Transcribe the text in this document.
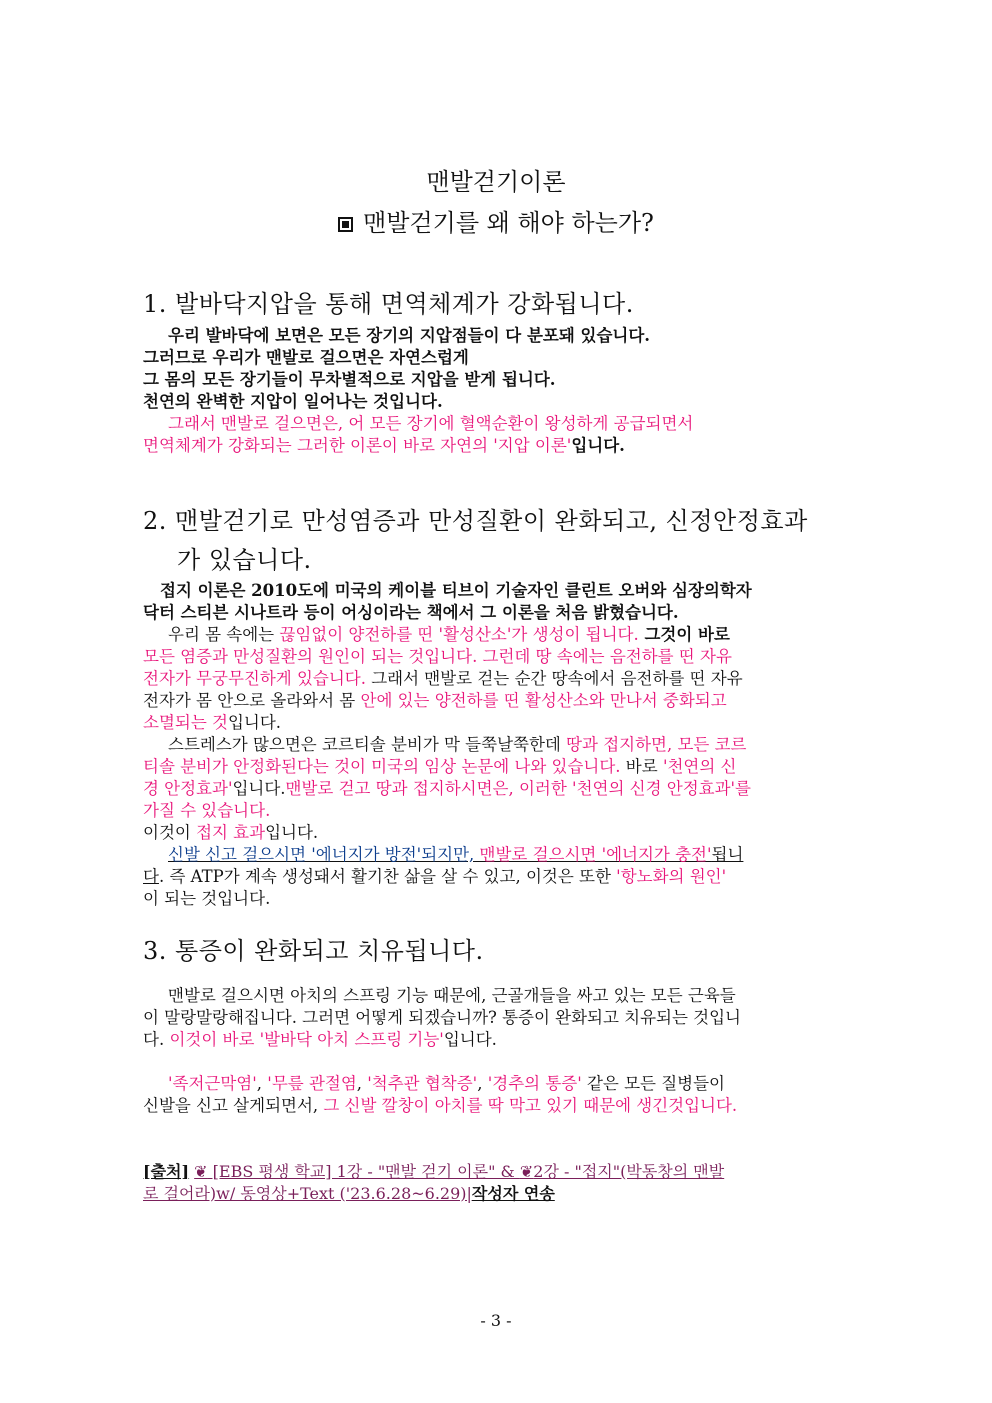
맨발걷기이론
맨발걷기를 왜 해야 하는가?
1. 발바닥지압을 통해 면역체계가 강화됩니다.
우리 발바닥에 보면은 모든 장기의 지압점들이 다 분포돼 있습니다.
그러므로 우리가 맨발로 걸으면은 자연스럽게
그 몸의 모든 장기들이 무차별적으로 지압을 받게 됩니다.
천연의 완벽한 지압이 일어나는 것입니다.
그래서 맨발로 걸으면은, 어 모든 장기에 혈액순환이 왕성하게 공급되면서
면역체계가 강화되는 그러한 이론이 바로 자연의 '지압 이론'입니다.
2. 맨발걷기로 만성염증과 만성질환이 완화되고, 신정안정효과
가 있습니다.
접지 이론은 2010도에 미국의 케이블 티브이 기술자인 클린트 오버와 심장의학자
닥터 스티븐 시나트라 등이 어싱이라는 책에서 그 이론을 처음 밝혔습니다.
우리 몸 속에는 끊임없이 양전하를 띤 '활성산소'가 생성이 됩니다. 그것이 바로
모든 염증과 만성질환의 원인이 되는 것입니다. 그런데 땅 속에는 음전하를 띤 자유
전자가 무궁무진하게 있습니다. 그래서 맨발로 걷는 순간 땅속에서 음전하를 띤 자유
전자가 몸 안으로 올라와서 몸 안에 있는 양전하를 띤 활성산소와 만나서 중화되고
소멸되는 것입니다.
스트레스가 많으면은 코르티솔 분비가 막 들쭉날쭉한데 땅과 접지하면, 모든 코르
티솔 분비가 안정화된다는 것이 미국의 임상 논문에 나와 있습니다. 바로 '천연의 신
경 안정효과'입니다.맨발로 걷고 땅과 접지하시면은, 이러한 '천연의 신경 안정효과'를
가질 수 있습니다.
이것이 접지 효과입니다.
신발 신고 걸으시면 '에너지가 방전'되지만, 맨발로 걸으시면 '에너지가 충전'됩니
다. 즉 ATP가 계속 생성돼서 활기찬 삶을 살 수 있고, 이것은 또한 '항노화의 원인'
이 되는 것입니다.
3. 통증이 완화되고 치유됩니다.
맨발로 걸으시면 아치의 스프링 기능 때문에, 근골개들을 싸고 있는 모든 근육들
이 말랑말랑해집니다. 그러면 어떻게 되겠습니까? 통증이 완화되고 치유되는 것입니
다. 이것이 바로 '발바닥 아치 스프링 기능'입니다.
'족저근막염', '무릎 관절염, '척추관 협착증', '경추의 통증' 같은 모든 질병들이
신발을 신고 살게되면서, 그 신발 깔창이 아치를 딱 막고 있기 때문에 생긴것입니다.
[출처] ❦ [EBS 평생 학교] 1강 - "맨발 걷기 이론" & ❦2강 - "접지"(박동창의 맨발
로 걸어라)w/ 동영상+Text ('23.6.28~6.29)|작성자 연송
- 3 -
